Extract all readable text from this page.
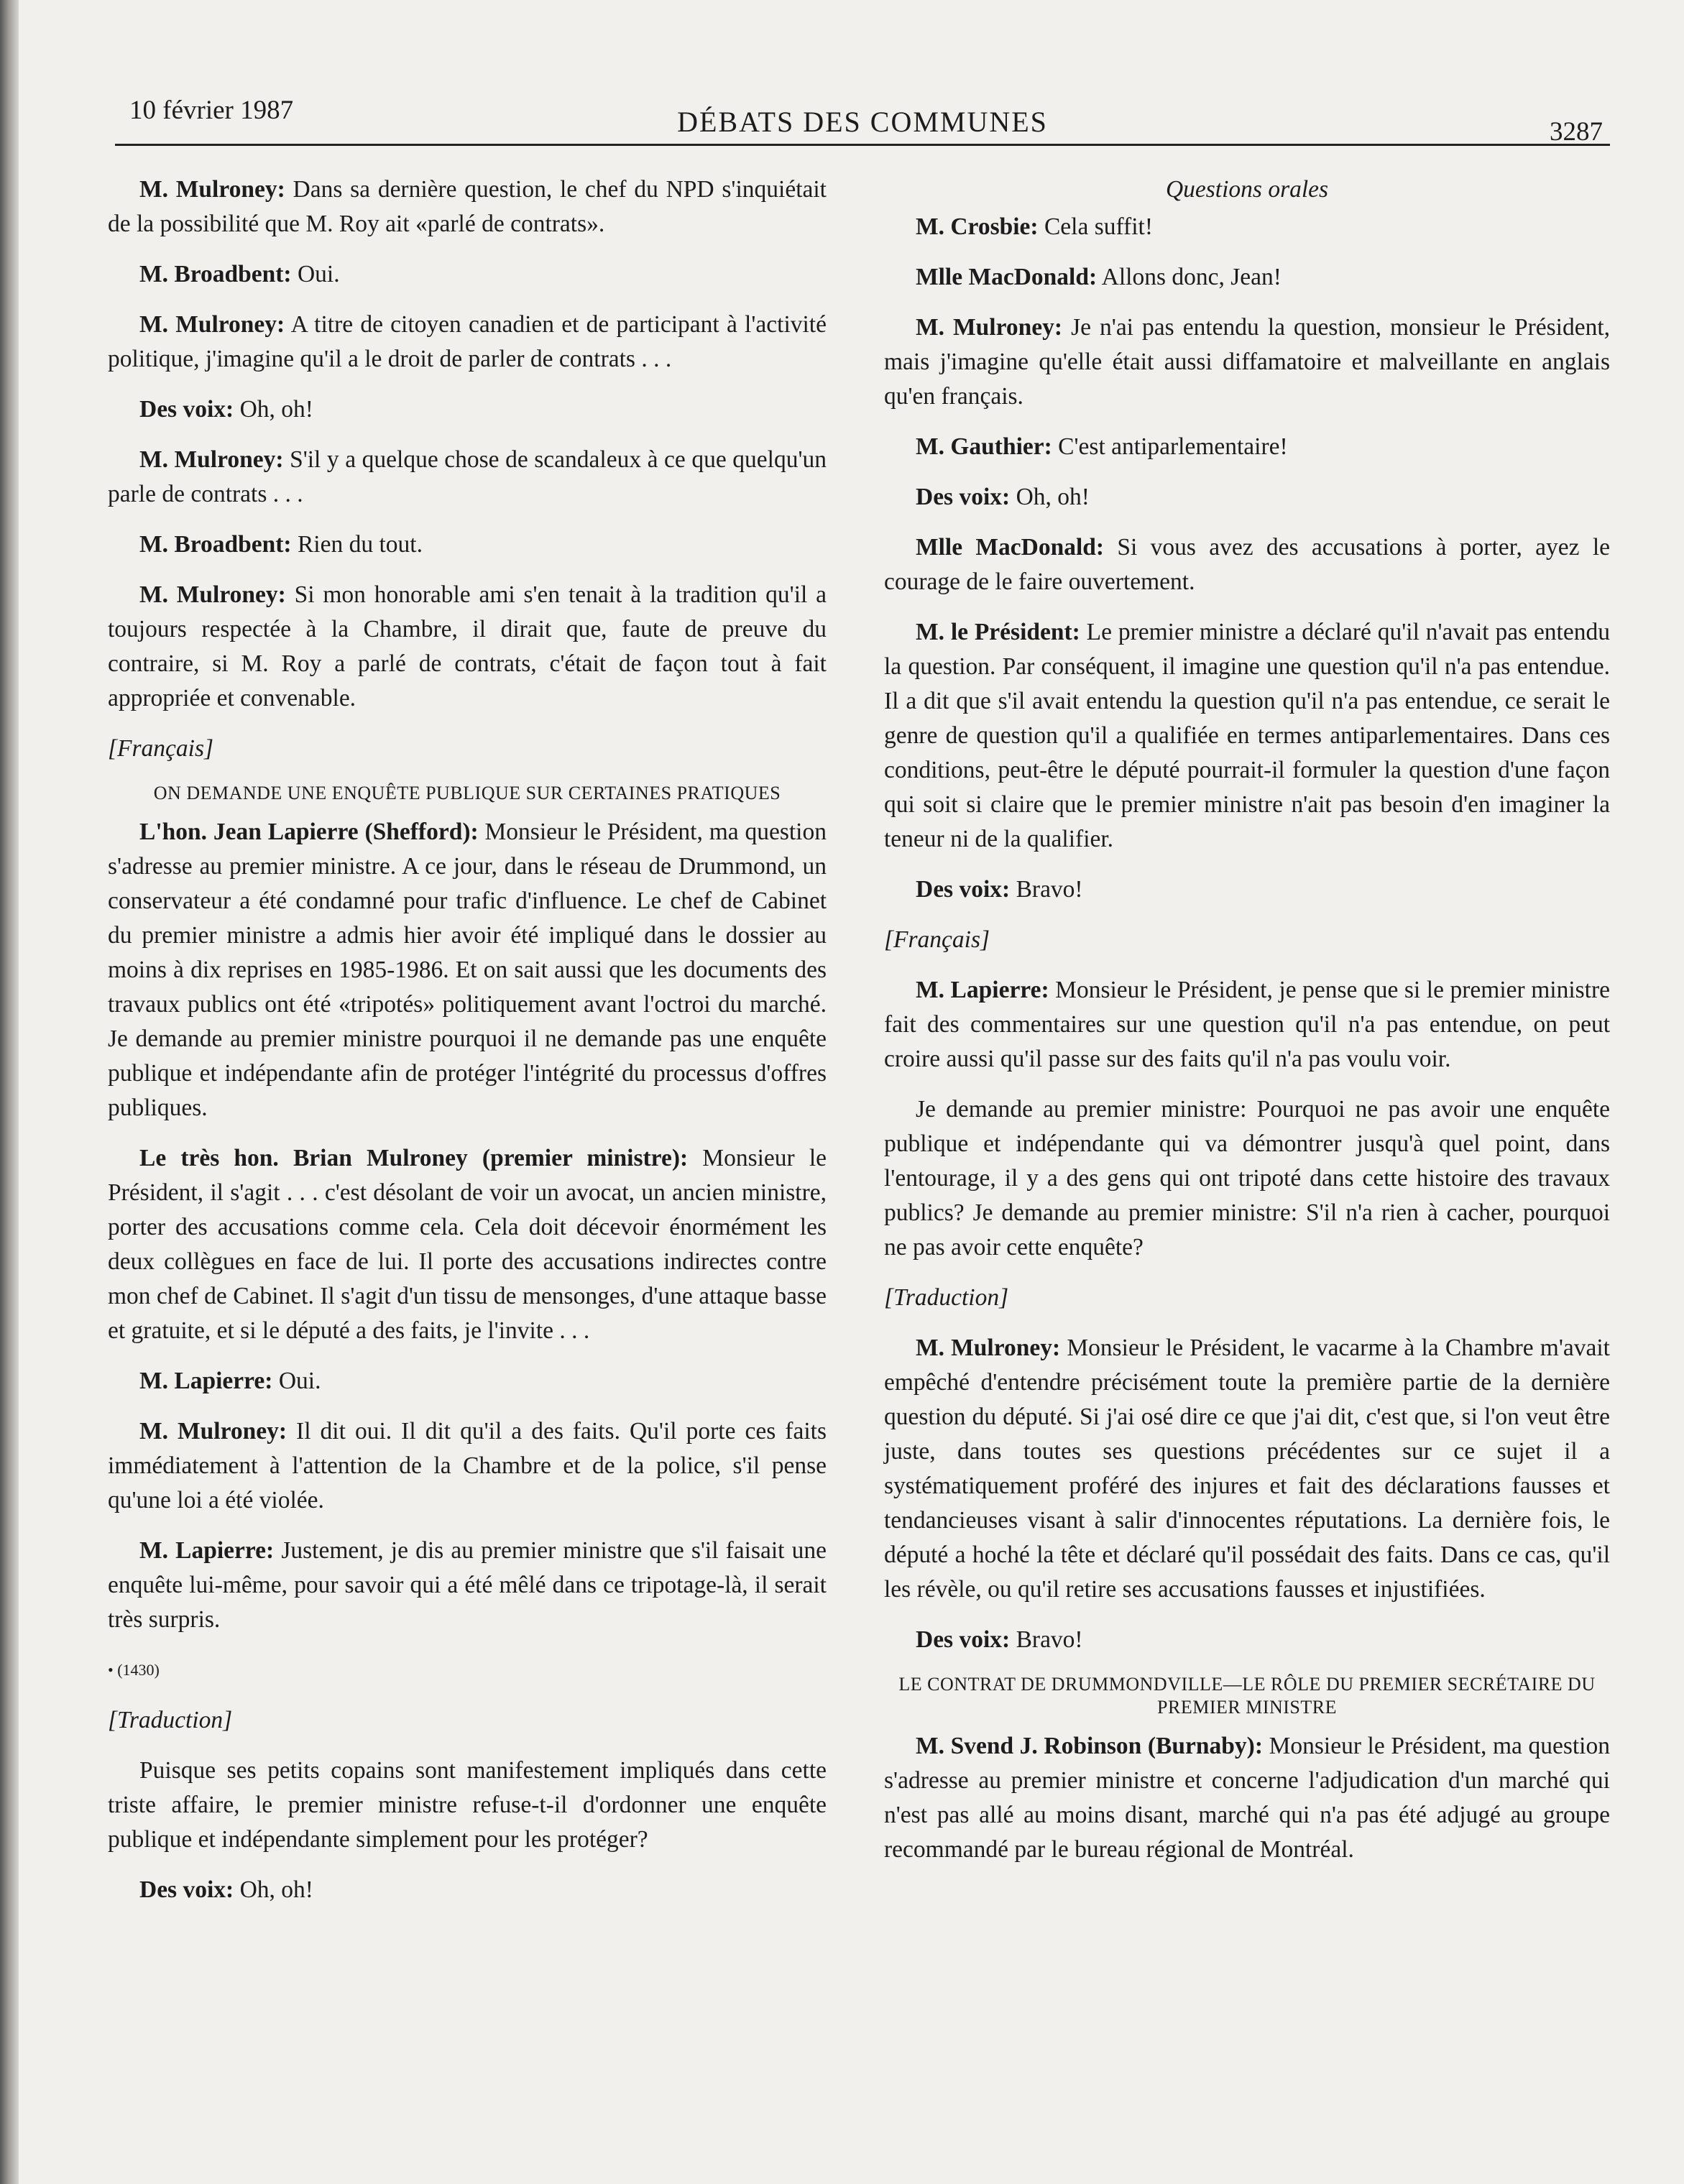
10 février 1987	DÉBATS DES COMMUNES	3287

M. Mulroney: Dans sa dernière question, le chef du NPD s'inquiétait de la possibilité que M. Roy ait «parlé de contrats».

M. Broadbent: Oui.

M. Mulroney: A titre de citoyen canadien et de participant à l'activité politique, j'imagine qu'il a le droit de parler de contrats . . .

Des voix: Oh, oh!

M. Mulroney: S'il y a quelque chose de scandaleux à ce que quelqu'un parle de contrats . . .

M. Broadbent: Rien du tout.

M. Mulroney: Si mon honorable ami s'en tenait à la tradition qu'il a toujours respectée à la Chambre, il dirait que, faute de preuve du contraire, si M. Roy a parlé de contrats, c'était de façon tout à fait appropriée et convenable.

[Français]
ON DEMANDE UNE ENQUÊTE PUBLIQUE SUR CERTAINES PRATIQUES

L'hon. Jean Lapierre (Shefford): Monsieur le Président, ma question s'adresse au premier ministre. A ce jour, dans le réseau de Drummond, un conservateur a été condamné pour trafic d'influence. Le chef de Cabinet du premier ministre a admis hier avoir été impliqué dans le dossier au moins à dix reprises en 1985-1986. Et on sait aussi que les documents des travaux publics ont été «tripotés» politiquement avant l'octroi du marché. Je demande au premier ministre pourquoi il ne demande pas une enquête publique et indépendante afin de protéger l'intégrité du processus d'offres publiques.

Le très hon. Brian Mulroney (premier ministre): Monsieur le Président, il s'agit . . . c'est désolant de voir un avocat, un ancien ministre, porter des accusations comme cela. Cela doit décevoir énormément les deux collègues en face de lui. Il porte des accusations indirectes contre mon chef de Cabinet. Il s'agit d'un tissu de mensonges, d'une attaque basse et gratuite, et si le député a des faits, je l'invite . . .

M. Lapierre: Oui.

M. Mulroney: Il dit oui. Il dit qu'il a des faits. Qu'il porte ces faits immédiatement à l'attention de la Chambre et de la police, s'il pense qu'une loi a été violée.

M. Lapierre: Justement, je dis au premier ministre que s'il faisait une enquête lui-même, pour savoir qui a été mêlé dans ce tripotage-là, il serait très surpris.

• (1430)
[Traduction]

Puisque ses petits copains sont manifestement impliqués dans cette triste affaire, le premier ministre refuse-t-il d'ordonner une enquête publique et indépendante simplement pour les protéger?

Des voix: Oh, oh!

Questions orales

M. Crosbie: Cela suffit!

Mlle MacDonald: Allons donc, Jean!

M. Mulroney: Je n'ai pas entendu la question, monsieur le Président, mais j'imagine qu'elle était aussi diffamatoire et malveillante en anglais qu'en français.

M. Gauthier: C'est antiparlementaire!

Des voix: Oh, oh!

Mlle MacDonald: Si vous avez des accusations à porter, ayez le courage de le faire ouvertement.

M. le Président: Le premier ministre a déclaré qu'il n'avait pas entendu la question. Par conséquent, il imagine une question qu'il n'a pas entendue. Il a dit que s'il avait entendu la question qu'il n'a pas entendue, ce serait le genre de question qu'il a qualifiée en termes antiparlementaires. Dans ces conditions, peut-être le député pourrait-il formuler la question d'une façon qui soit si claire que le premier ministre n'ait pas besoin d'en imaginer la teneur ni de la qualifier.

Des voix: Bravo!

[Français]

M. Lapierre: Monsieur le Président, je pense que si le premier ministre fait des commentaires sur une question qu'il n'a pas entendue, on peut croire aussi qu'il passe sur des faits qu'il n'a pas voulu voir.

Je demande au premier ministre: Pourquoi ne pas avoir une enquête publique et indépendante qui va démontrer jusqu'à quel point, dans l'entourage, il y a des gens qui ont tripoté dans cette histoire des travaux publics? Je demande au premier ministre: S'il n'a rien à cacher, pourquoi ne pas avoir cette enquête?

[Traduction]

M. Mulroney: Monsieur le Président, le vacarme à la Chambre m'avait empêché d'entendre précisément toute la première partie de la dernière question du député. Si j'ai osé dire ce que j'ai dit, c'est que, si l'on veut être juste, dans toutes ses questions précédentes sur ce sujet il a systématiquement proféré des injures et fait des déclarations fausses et tendancieuses visant à salir d'innocentes réputations. La dernière fois, le député a hoché la tête et déclaré qu'il possédait des faits. Dans ce cas, qu'il les révèle, ou qu'il retire ses accusations fausses et injustifiées.

Des voix: Bravo!

LE CONTRAT DE DRUMMONDVILLE—LE RÔLE DU PREMIER SECRÉTAIRE DU PREMIER MINISTRE

M. Svend J. Robinson (Burnaby): Monsieur le Président, ma question s'adresse au premier ministre et concerne l'adjudication d'un marché qui n'est pas allé au moins disant, marché qui n'a pas été adjugé au groupe recommandé par le bureau régional de Montréal.
